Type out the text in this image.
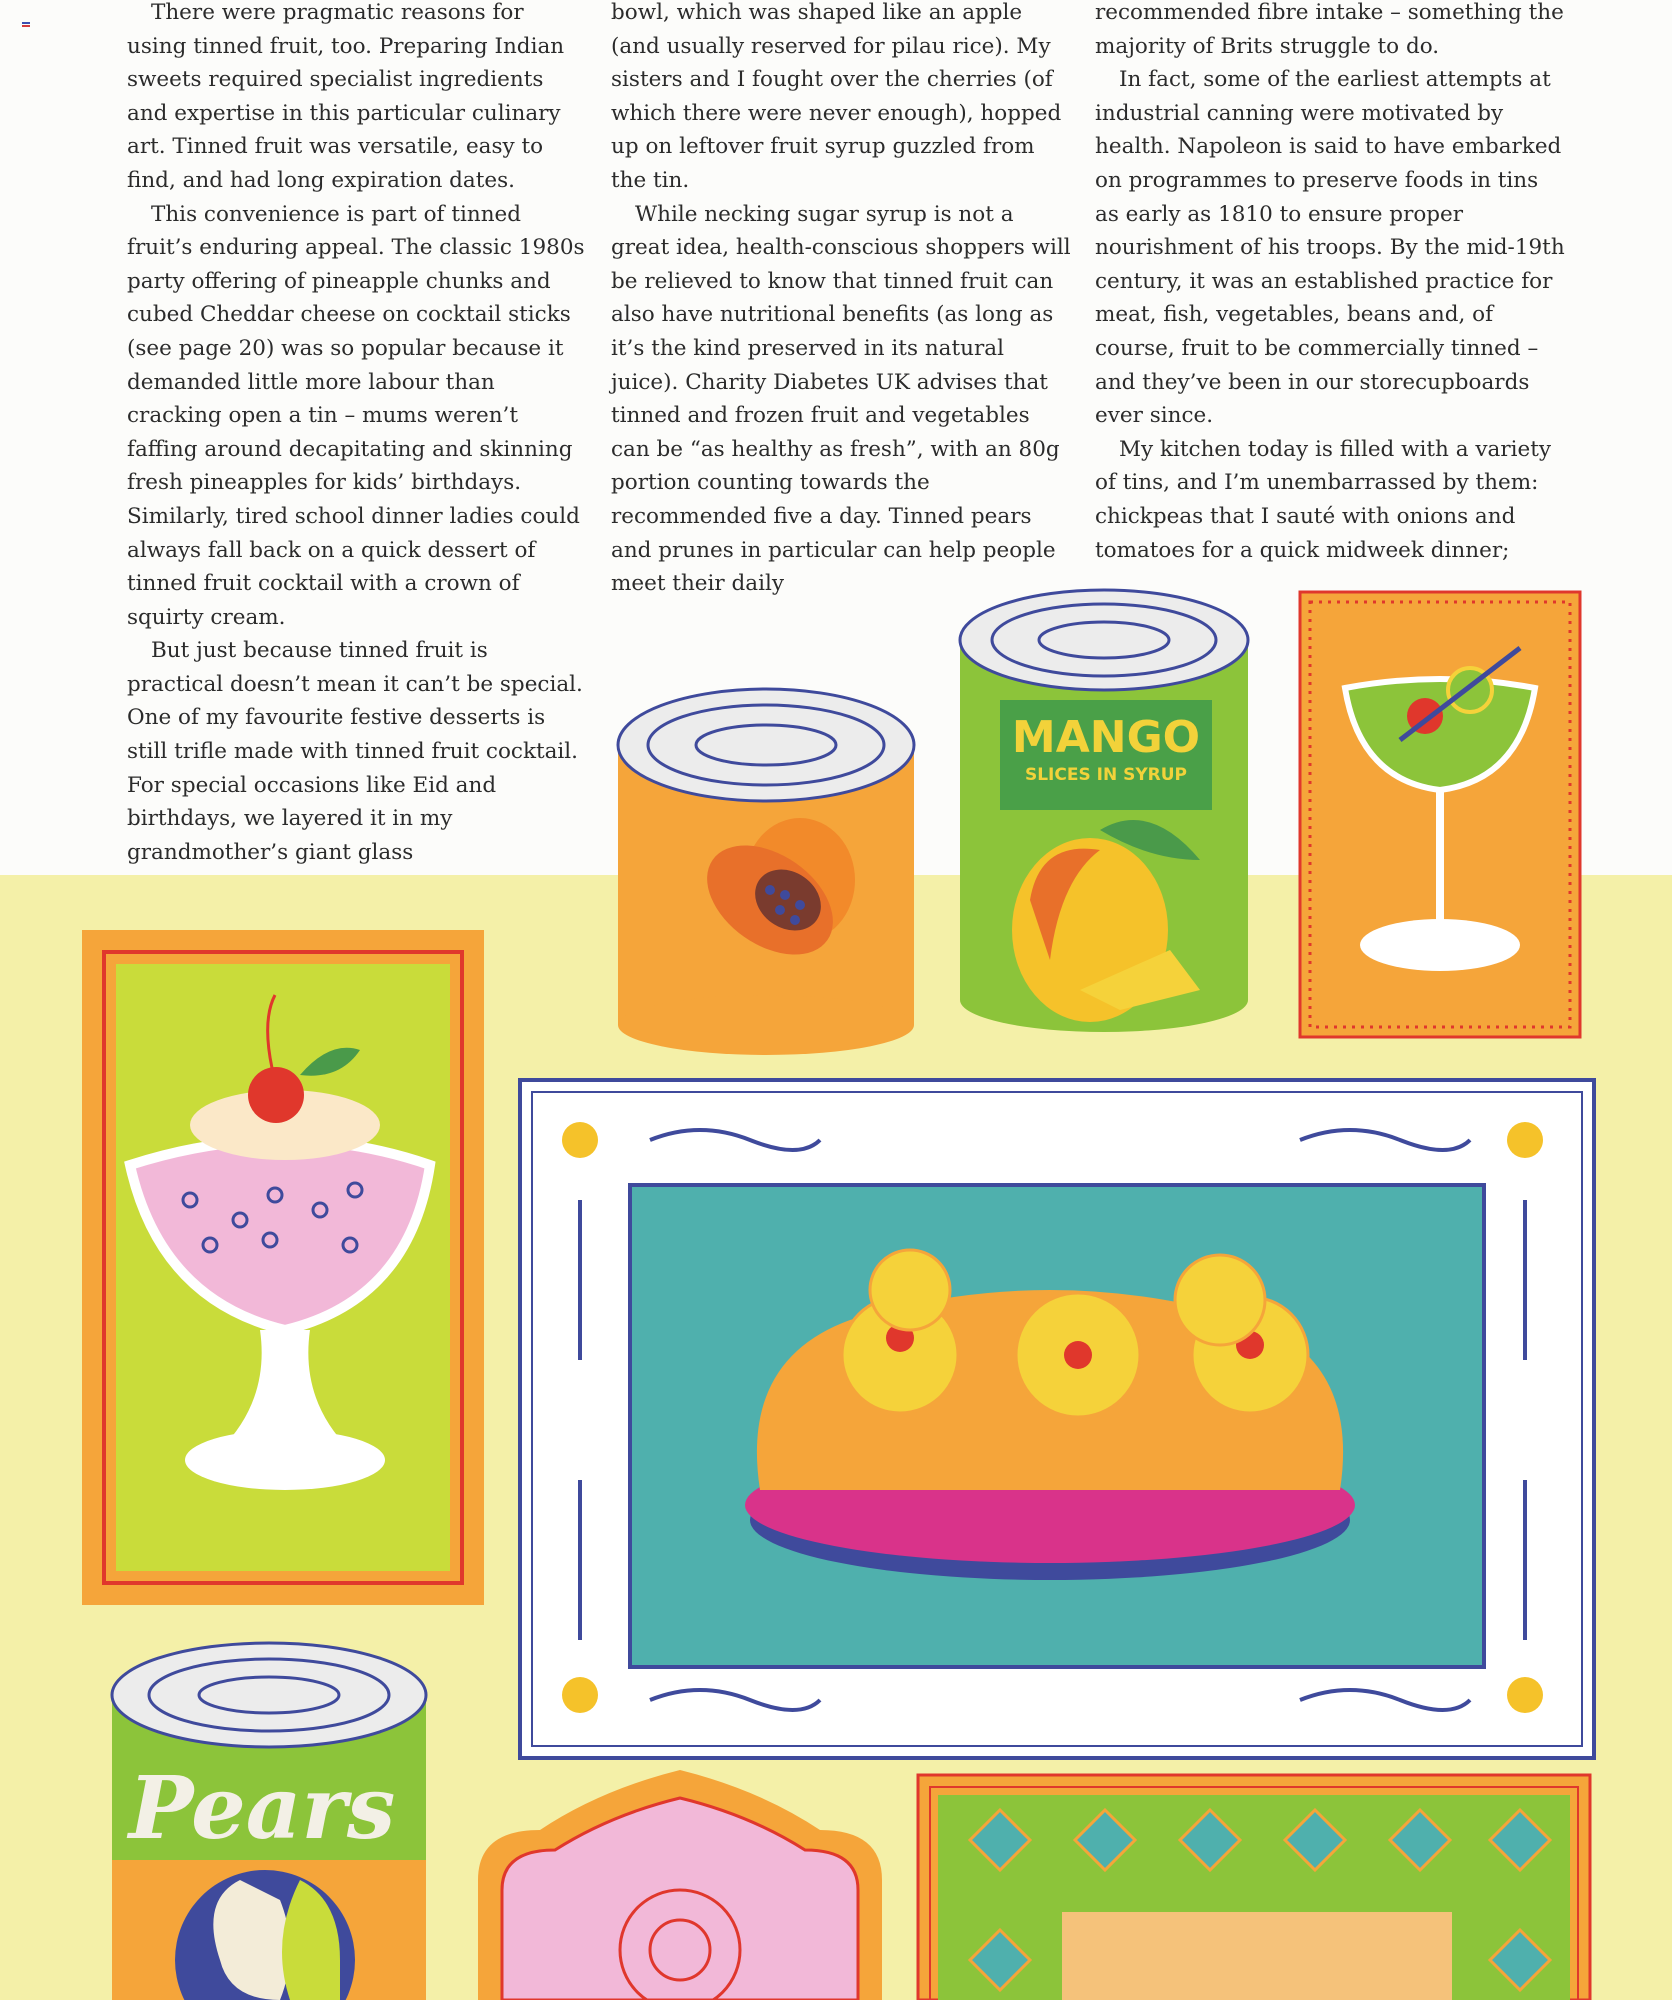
There were pragmatic reasons for using tinned fruit, too. Preparing Indian sweets required specialist ingredients and expertise in this particular culinary art. Tinned fruit was versatile, easy to find, and had long expiration dates.

This convenience is part of tinned fruit’s enduring appeal. The classic 1980s party offering of pineapple chunks and cubed Cheddar cheese on cocktail sticks (see page 20) was so popular because it demanded little more labour than cracking open a tin – mums weren’t faffing around decapitating and skinning fresh pineapples for kids’ birthdays. Similarly, tired school dinner ladies could always fall back on a quick dessert of tinned fruit cocktail with a crown of squirty cream.

But just because tinned fruit is practical doesn’t mean it can’t be special. One of my favourite festive desserts is still trifle made with tinned fruit cocktail. For special occasions like Eid and birthdays, we layered it in my grandmother’s giant glass

bowl, which was shaped like an apple (and usually reserved for pilau rice). My sisters and I fought over the cherries (of which there were never enough), hopped up on leftover fruit syrup guzzled from the tin.

While necking sugar syrup is not a great idea, health-conscious shoppers will be relieved to know that tinned fruit can also have nutritional benefits (as long as it’s the kind preserved in its natural juice). Charity Diabetes UK advises that tinned and frozen fruit and vegetables can be “as healthy as fresh”, with an 80g portion counting towards the recommended five a day. Tinned pears and prunes in particular can help people meet their daily

recommended fibre intake – something the majority of Brits struggle to do.

In fact, some of the earliest attempts at industrial canning were motivated by health. Napoleon is said to have embarked on programmes to preserve foods in tins as early as 1810 to ensure proper nourishment of his troops. By the mid-19th century, it was an established practice for meat, fish, vegetables, beans and, of course, fruit to be commercially tinned – and they’ve been in our storecupboards ever since.

My kitchen today is filled with a variety of tins, and I’m unembarrassed by them: chickpeas that I sauté with onions and tomatoes for a quick midweek dinner;

MANGO
SLICES IN SYRUP
Pears
